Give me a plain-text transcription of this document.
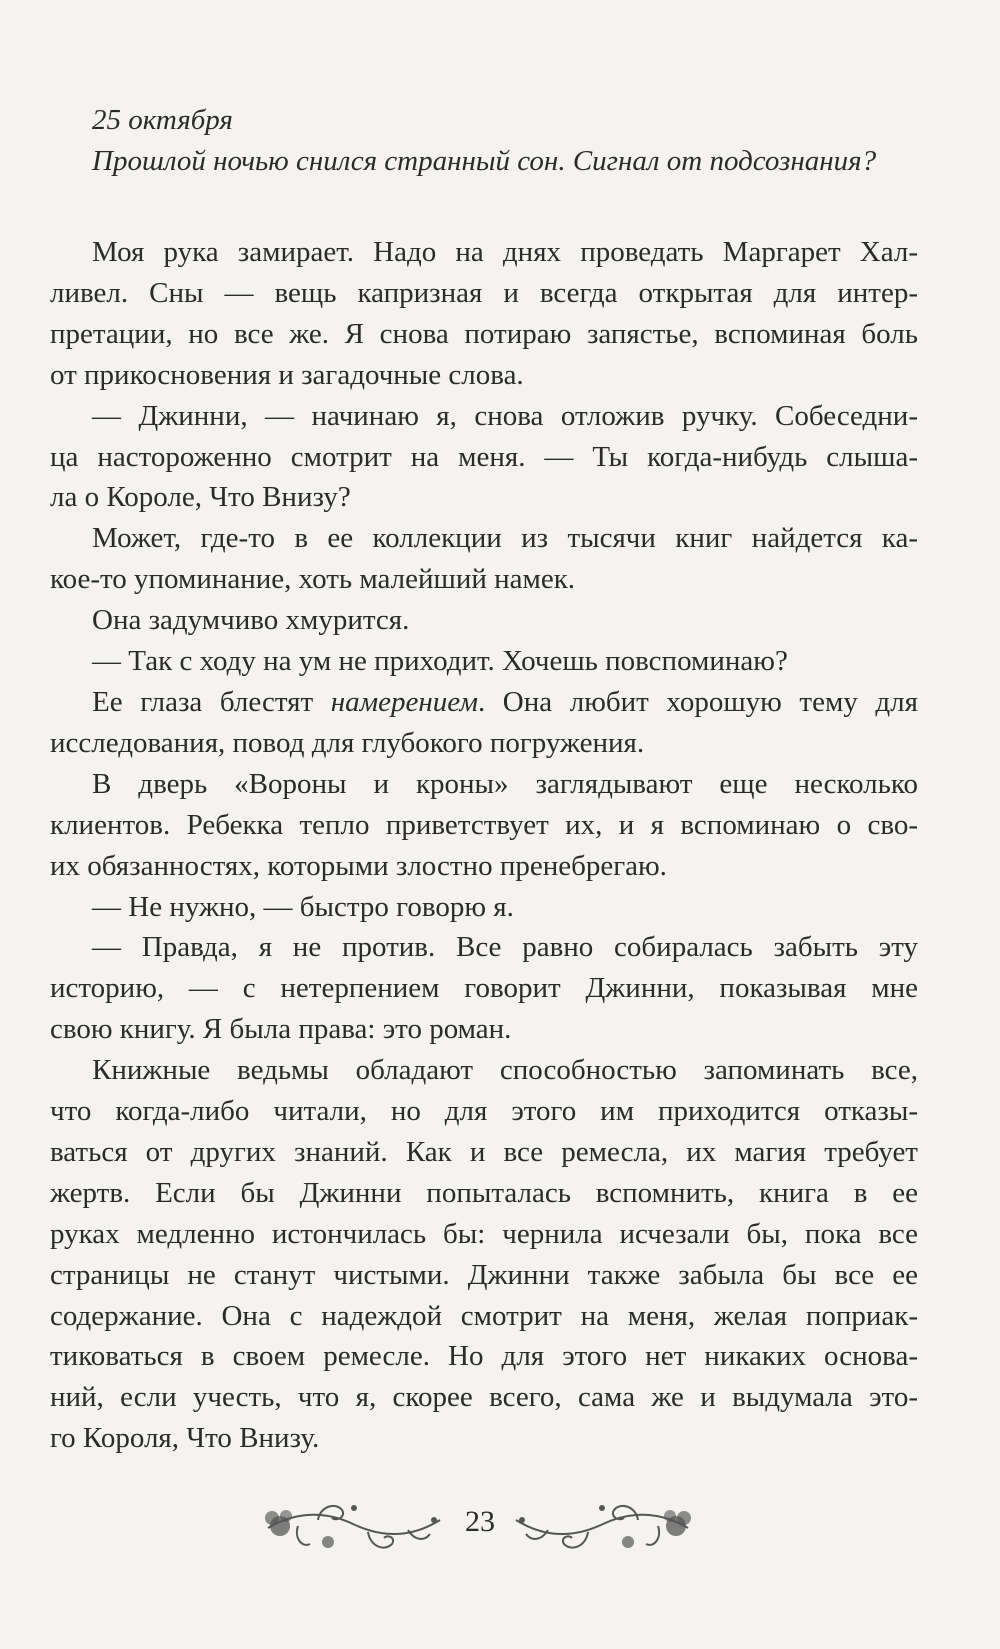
25 октября
Прошлой ночью снился странный сон. Сигнал от подсознания?
Моя рука замирает. Надо на днях проведать Маргарет Хал-
ливел. Сны — вещь капризная и всегда открытая для интер-
претации, но все же. Я снова потираю запястье, вспоминая боль
от прикосновения и загадочные слова.
— Джинни, — начинаю я, снова отложив ручку. Собеседни-
ца настороженно смотрит на меня. — Ты когда-нибудь слыша-
ла о Короле, Что Внизу?
Может, где-то в ее коллекции из тысячи книг найдется ка-
кое-то упоминание, хоть малейший намек.
Она задумчиво хмурится.
— Так с ходу на ум не приходит. Хочешь повспоминаю?
Ее глаза блестят намерением. Она любит хорошую тему для
исследования, повод для глубокого погружения.
В дверь «Вороны и кроны» заглядывают еще несколько
клиентов. Ребекка тепло приветствует их, и я вспоминаю о сво-
их обязанностях, которыми злостно пренебрегаю.
— Не нужно, — быстро говорю я.
— Правда, я не против. Все равно собиралась забыть эту
историю, — с нетерпением говорит Джинни, показывая мне
свою книгу. Я была права: это роман.
Книжные ведьмы обладают способностью запоминать все,
что когда-либо читали, но для этого им приходится отказы-
ваться от других знаний. Как и все ремесла, их магия требует
жертв. Если бы Джинни попыталась вспомнить, книга в ее
руках медленно истончилась бы: чернила исчезали бы, пока все
страницы не станут чистыми. Джинни также забыла бы все ее
содержание. Она с надеждой смотрит на меня, желая поприак-
тиковаться в своем ремесле. Но для этого нет никаких основа-
ний, если учесть, что я, скорее всего, сама же и выдумала это-
го Короля, Что Внизу.
23
